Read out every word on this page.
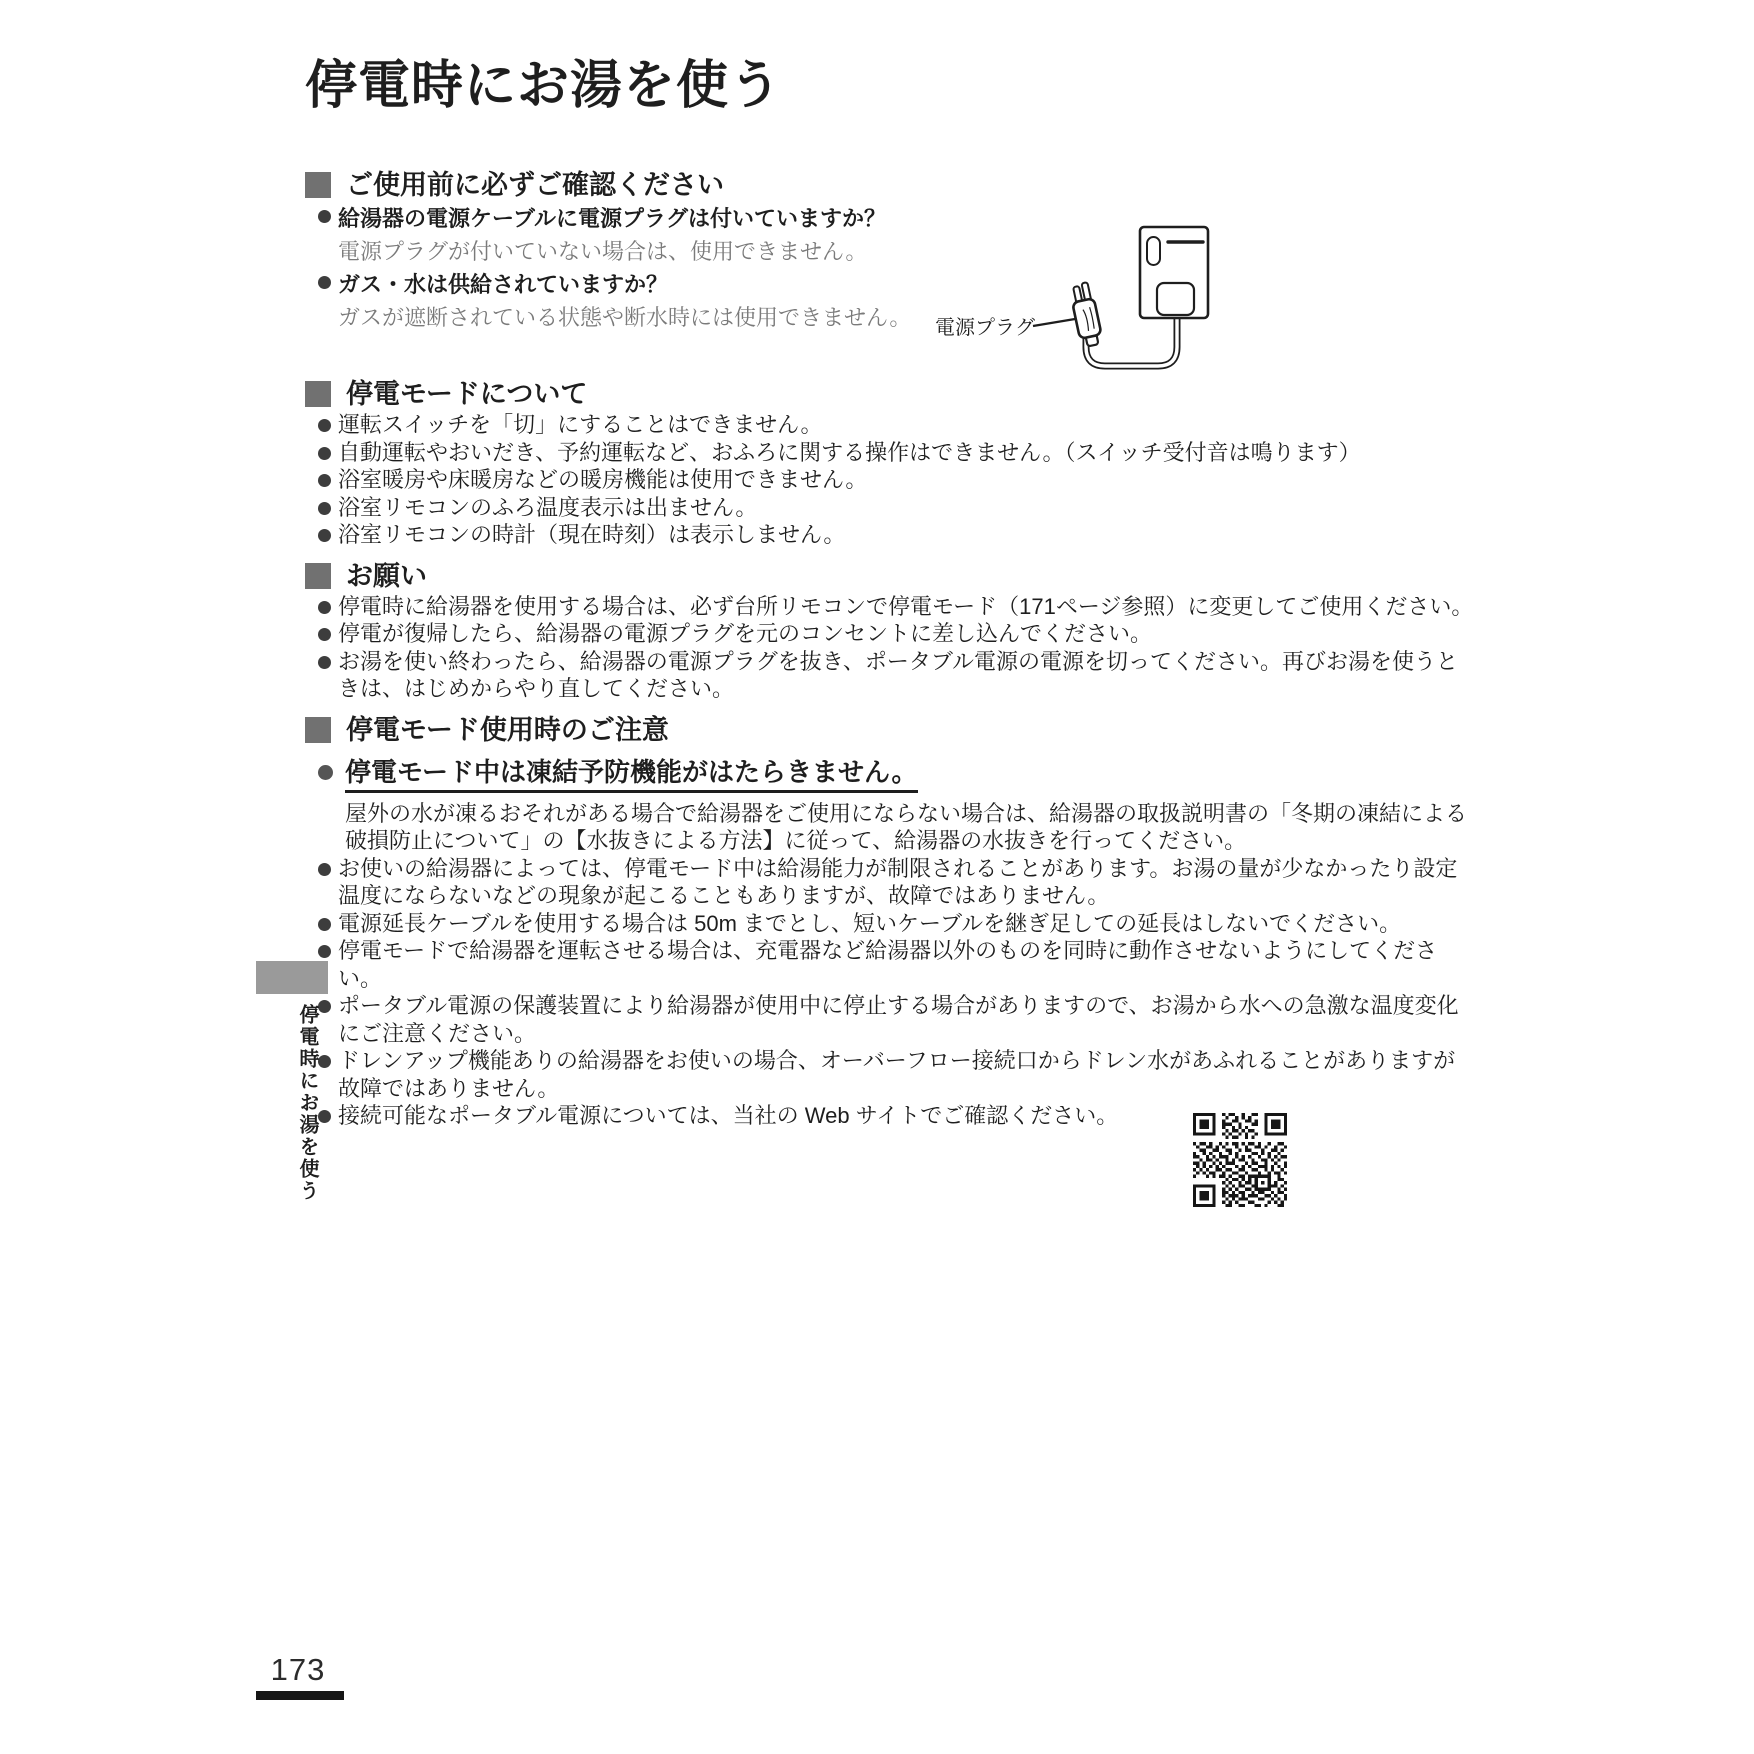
停電時にお湯を使う
ご使用前に必ずご確認ください
給湯器の電源ケーブルに電源プラグは付いていますか？
電源プラグが付いていない場合は、使用できません。
ガス・水は供給されていますか？
ガスが遮断されている状態や断水時には使用できません。
停電モードについて
運転スイッチを「切」にすることはできません。
自動運転やおいだき、予約運転など、おふろに関する操作はできません。（スイッチ受付音は鳴ります）
浴室暖房や床暖房などの暖房機能は使用できません。
浴室リモコンのふろ温度表示は出ません。
浴室リモコンの時計（現在時刻）は表示しません。
お願い
停電時に給湯器を使用する場合は、必ず台所リモコンで停電モード（171ページ参照）に変更してご使用ください。
停電が復帰したら、給湯器の電源プラグを元のコンセントに差し込んでください。
お湯を使い終わったら、給湯器の電源プラグを抜き、ポータブル電源の電源を切ってください。再びお湯を使うときは、はじめからやり直してください。
停電モード使用時のご注意
停電モード中は凍結予防機能がはたらきません。

屋外の水が凍るおそれがある場合で給湯器をご使用にならない場合は、給湯器の取扱説明書の「冬期の凍結による破損防止について」の【水抜きによる方法】に従って、給湯器の水抜きを行ってください。

お使いの給湯器によっては、停電モード中は給湯能力が制限されることがあります。お湯の量が少なかったり設定温度にならないなどの現象が起こることもありますが、故障ではありません。
電源延長ケーブルを使用する場合は 50m までとし、短いケーブルを継ぎ足しての延長はしないでください。
停電モードで給湯器を運転させる場合は、充電器など給湯器以外のものを同時に動作させないようにしてください。
ポータブル電源の保護装置により給湯器が使用中に停止する場合がありますので、お湯から水への急激な温度変化にご注意ください。
ドレンアップ機能ありの給湯器をお使いの場合、オーバーフロー接続口からドレン水があふれることがありますが故障ではありません。
接続可能なポータブル電源については、当社の Web サイトでご確認ください。
電源プラグ
停電時にお湯を使う
173
